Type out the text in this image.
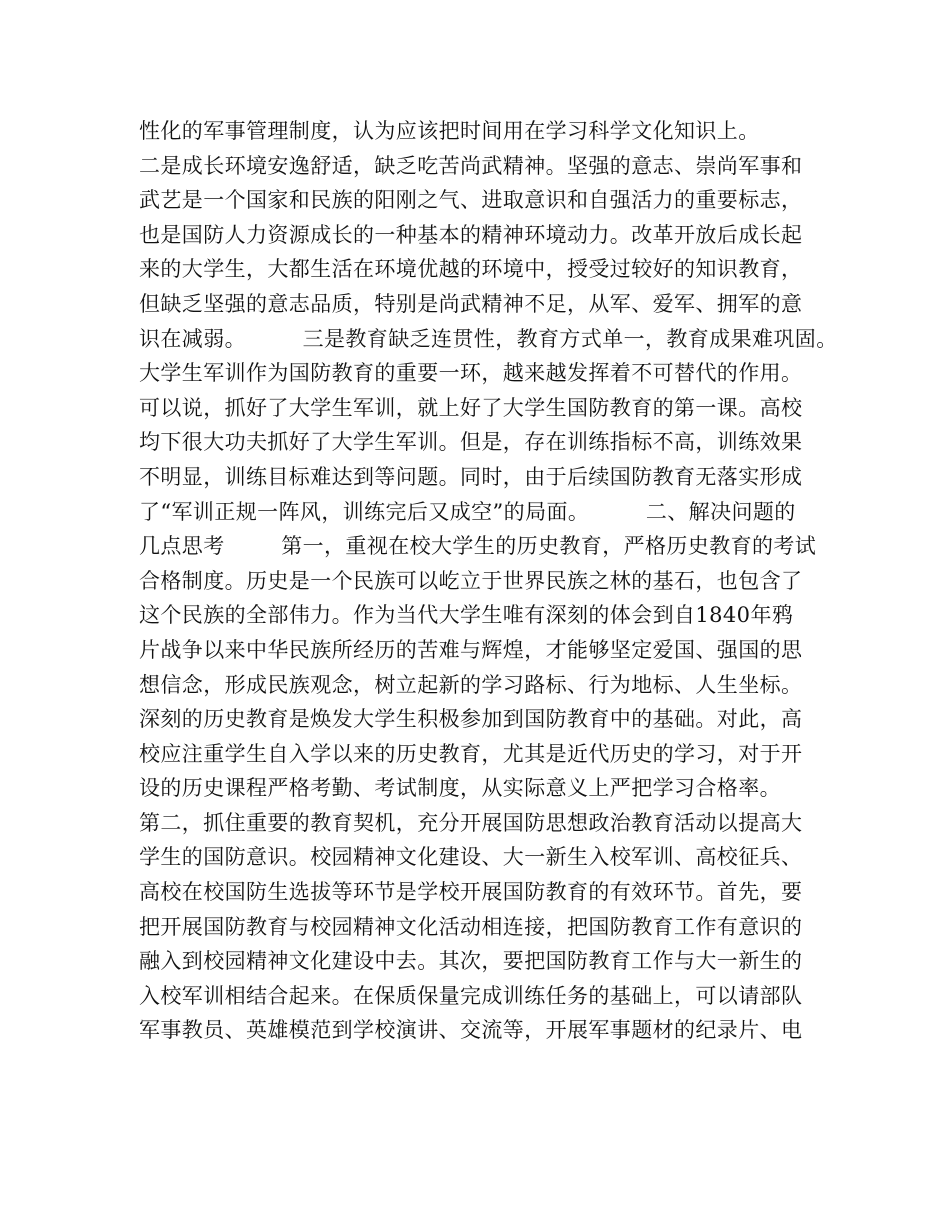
性化的军事管理制度，认为应该把时间用在学习科学文化知识上。
二是成长环境安逸舒适，缺乏吃苦尚武精神。坚强的意志、崇尚军事和
武艺是一个国家和民族的阳刚之气、进取意识和自强活力的重要标志，
也是国防人力资源成长的一种基本的精神环境动力。改革开放后成长起
来的大学生，大都生活在环境优越的环境中，授受过较好的知识教育，
但缺乏坚强的意志品质，特别是尚武精神不足，从军、爱军、拥军的意
识在减弱。        三是教育缺乏连贯性，教育方式单一，教育成果难巩固。
大学生军训作为国防教育的重要一环，越来越发挥着不可替代的作用。
可以说，抓好了大学生军训，就上好了大学生国防教育的第一课。高校
均下很大功夫抓好了大学生军训。但是，存在训练指标不高，训练效果
不明显，训练目标难达到等问题。同时，由于后续国防教育无落实形成
了“军训正规一阵风，训练完后又成空”的局面。        二、解决问题的
几点思考        第一，重视在校大学生的历史教育，严格历史教育的考试
合格制度。历史是一个民族可以屹立于世界民族之林的基石，也包含了
这个民族的全部伟力。作为当代大学生唯有深刻的体会到自1840年鸦
片战争以来中华民族所经历的苦难与辉煌，才能够坚定爱国、强国的思
想信念，形成民族观念，树立起新的学习路标、行为地标、人生坐标。
深刻的历史教育是焕发大学生积极参加到国防教育中的基础。对此，高
校应注重学生自入学以来的历史教育，尤其是近代历史的学习，对于开
设的历史课程严格考勤、考试制度，从实际意义上严把学习合格率。
第二，抓住重要的教育契机，充分开展国防思想政治教育活动以提高大
学生的国防意识。校园精神文化建设、大一新生入校军训、高校征兵、
高校在校国防生选拔等环节是学校开展国防教育的有效环节。首先，要
把开展国防教育与校园精神文化活动相连接，把国防教育工作有意识的
融入到校园精神文化建设中去。其次，要把国防教育工作与大一新生的
入校军训相结合起来。在保质保量完成训练任务的基础上，可以请部队
军事教员、英雄模范到学校演讲、交流等，开展军事题材的纪录片、电
